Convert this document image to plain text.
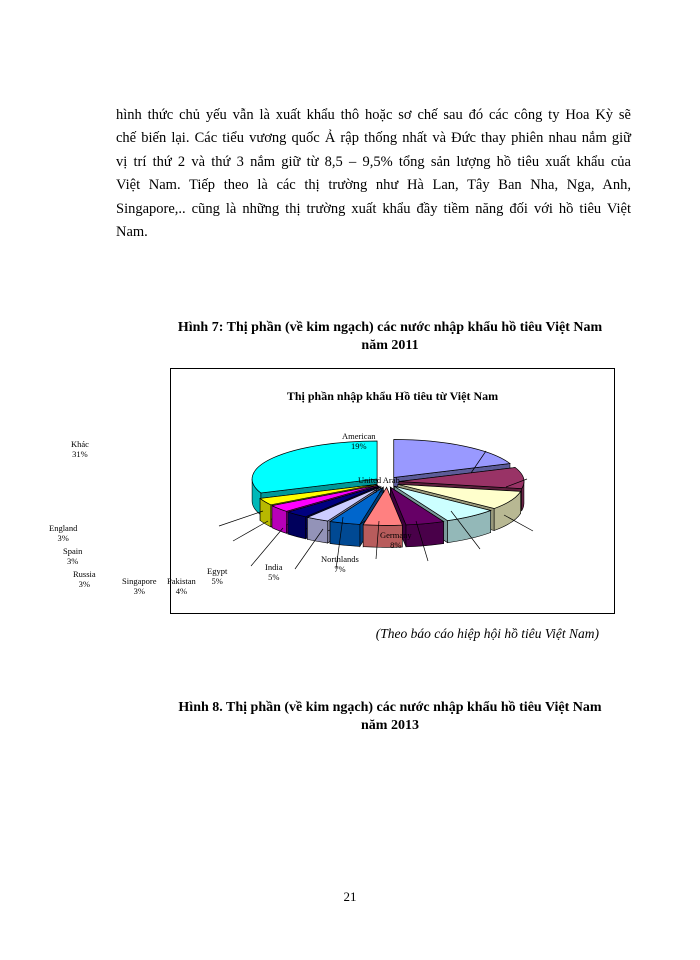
hình thức chủ yếu vẫn là xuất khẩu thô hoặc sơ chế sau đó các công ty Hoa Kỳ sẽ
chế biến lại. Các tiểu vương quốc Ả rập thống nhất và Đức thay phiên nhau nắm giữ
vị trí thứ 2 và thứ 3 nắm giữ từ 8,5 – 9,5% tổng sản lượng hồ tiêu xuất khẩu của
Việt Nam. Tiếp theo là các thị trường như Hà Lan, Tây Ban Nha, Nga, Anh,
Singapore,.. cũng là những thị trường xuất khẩu đầy tiềm năng đối với hồ tiêu Việt
Nam.
Hình 7: Thị phần (về kim ngạch) các nước nhập khẩu hồ tiêu Việt Nam
năm 2011
Thị phần nhập khẩu Hồ tiêu từ Việt Nam
American
19%
United Arab
9%
Germany
8%
Northlands
7%
India
5%
Egypt
5%
Pakistan
4%
Singapore
3%
Russia
3%
Spain
3%
England
3%
Khác
31%
(Theo báo cáo hiệp hội hồ tiêu Việt Nam)
Hình 8. Thị phần (về kim ngạch) các nước nhập khẩu hồ tiêu Việt Nam
năm 2013
21
